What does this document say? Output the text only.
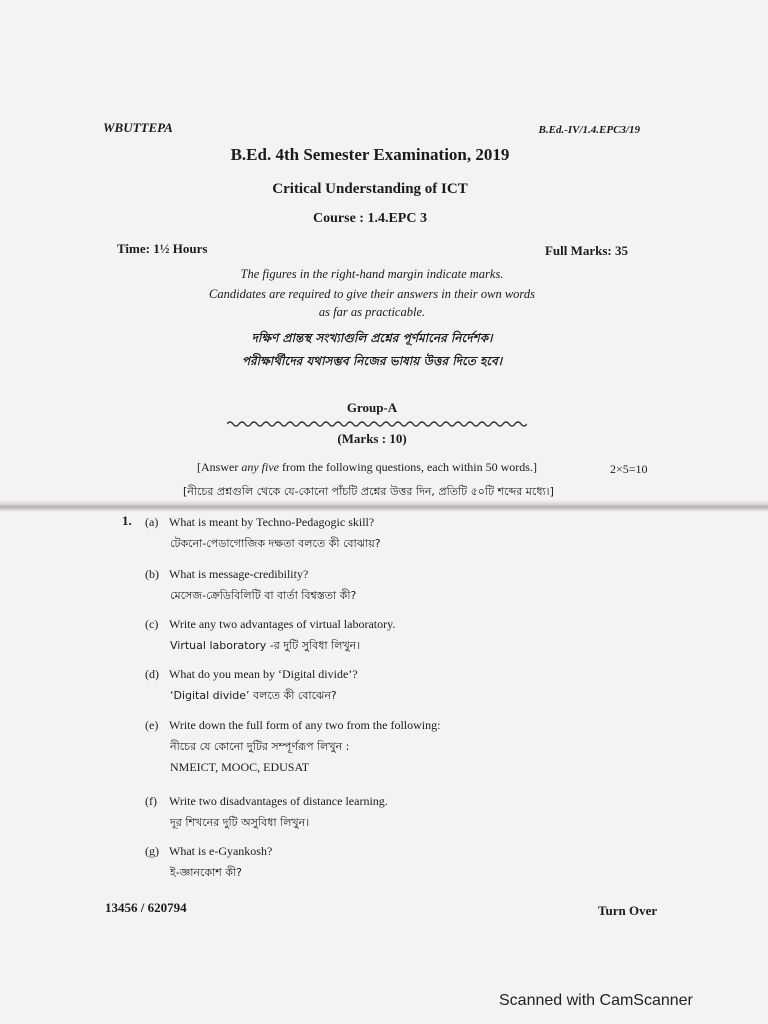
WBUTTEPA	B.Ed.-IV/1.4.EPC3/19
B.Ed. 4th Semester Examination, 2019
Critical Understanding of ICT
Course : 1.4.EPC 3
Time: 1½ Hours	Full Marks: 35
The figures in the right-hand margin indicate marks.
Candidates are required to give their answers in their own words
as far as practicable.
দক্ষিণ প্রান্তস্থ সংখ্যাগুলি প্রশ্নের পূর্ণমানের নির্দেশক।
পরীক্ষার্থীদের যথাসম্ভব নিজের ভাষায় উত্তর দিতে হবে।
Group-A
(Marks : 10)
[Answer any five from the following questions, each within 50 words.]	2×5=10
[নীচের প্রশ্নগুলি থেকে যে-কোনো পাঁচটি প্রশ্নের উত্তর দিন, প্রতিটি ৫০টি শব্দের মধ্যে।]
1. (a) What is meant by Techno-Pedagogic skill?
টেকনো-পেডাগোজিক দক্ষতা বলতে কী বোঝায়?
(b) What is message-credibility?
মেসেজ-ক্রেডিবিলিটি বা বার্তা বিশ্বস্ততা কী?
(c) Write any two advantages of virtual laboratory.
Virtual laboratory -র দুটি সুবিধা লিখুন।
(d) What do you mean by ‘Digital divide’?
‘Digital divide’ বলতে কী বোঝেন?
(e) Write down the full form of any two from the following:
নীচের যে কোনো দুটির সম্পূর্ণরূপ লিখুন :
NMEICT, MOOC, EDUSAT
(f) Write two disadvantages of distance learning.
দূর শিখনের দুটি অসুবিধা লিখুন।
(g) What is e-Gyankosh?
ই-জ্ঞানকোশ কী?
13456 / 620794	Turn Over
Scanned with CamScanner
